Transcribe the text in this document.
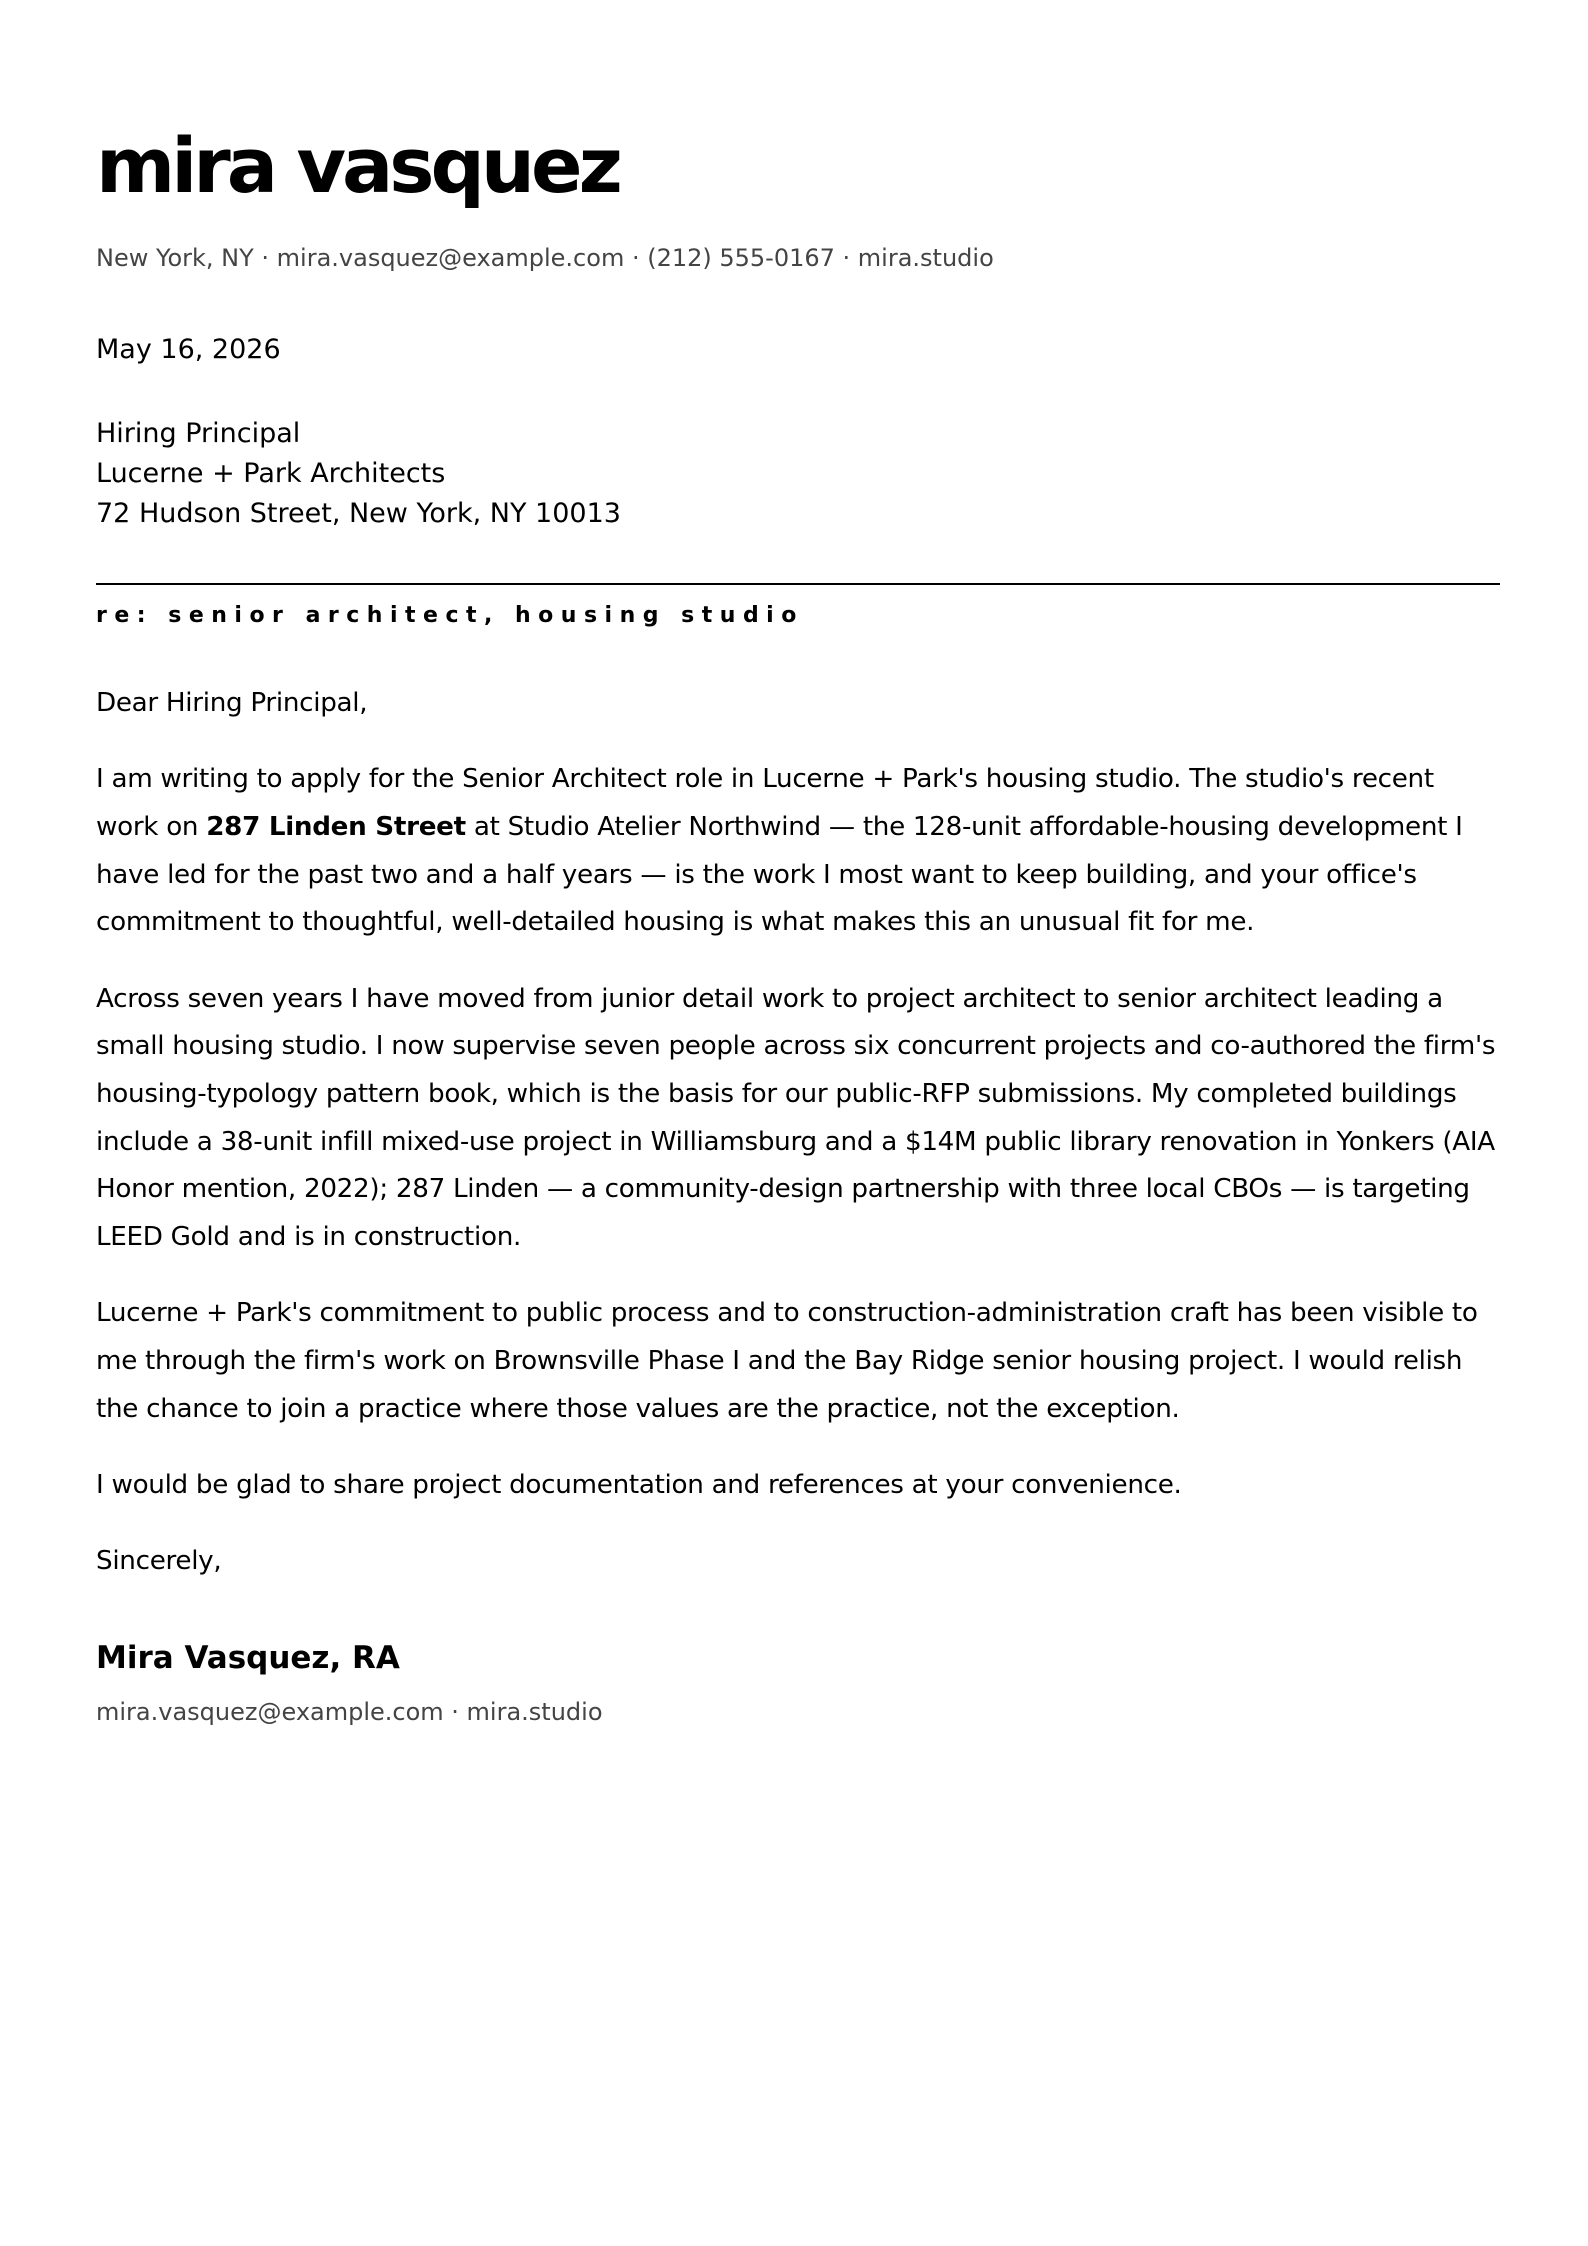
mira vasquez
New York, NY · mira.vasquez@example.com · (212) 555-0167 · mira.studio
May 16, 2026
Hiring Principal
Lucerne + Park Architects
72 Hudson Street, New York, NY 10013
re: senior architect, housing studio

Dear Hiring Principal,

I am writing to apply for the Senior Architect role in Lucerne + Park's housing studio. The studio's recent work on 287 Linden Street at Studio Atelier Northwind — the 128-unit affordable-housing development I have led for the past two and a half years — is the work I most want to keep building, and your office's commitment to thoughtful, well-detailed housing is what makes this an unusual fit for me.

Across seven years I have moved from junior detail work to project architect to senior architect leading a small housing studio. I now supervise seven people across six concurrent projects and co-authored the firm's housing-typology pattern book, which is the basis for our public-RFP submissions. My completed buildings include a 38-unit infill mixed-use project in Williamsburg and a $14M public library renovation in Yonkers (AIA Honor mention, 2022); 287 Linden — a community-design partnership with three local CBOs — is targeting LEED Gold and is in construction.

Lucerne + Park's commitment to public process and to construction-administration craft has been visible to me through the firm's work on Brownsville Phase I and the Bay Ridge senior housing project. I would relish the chance to join a practice where those values are the practice, not the exception.

I would be glad to share project documentation and references at your convenience.

Sincerely,

Mira Vasquez, RA
mira.vasquez@example.com · mira.studio
